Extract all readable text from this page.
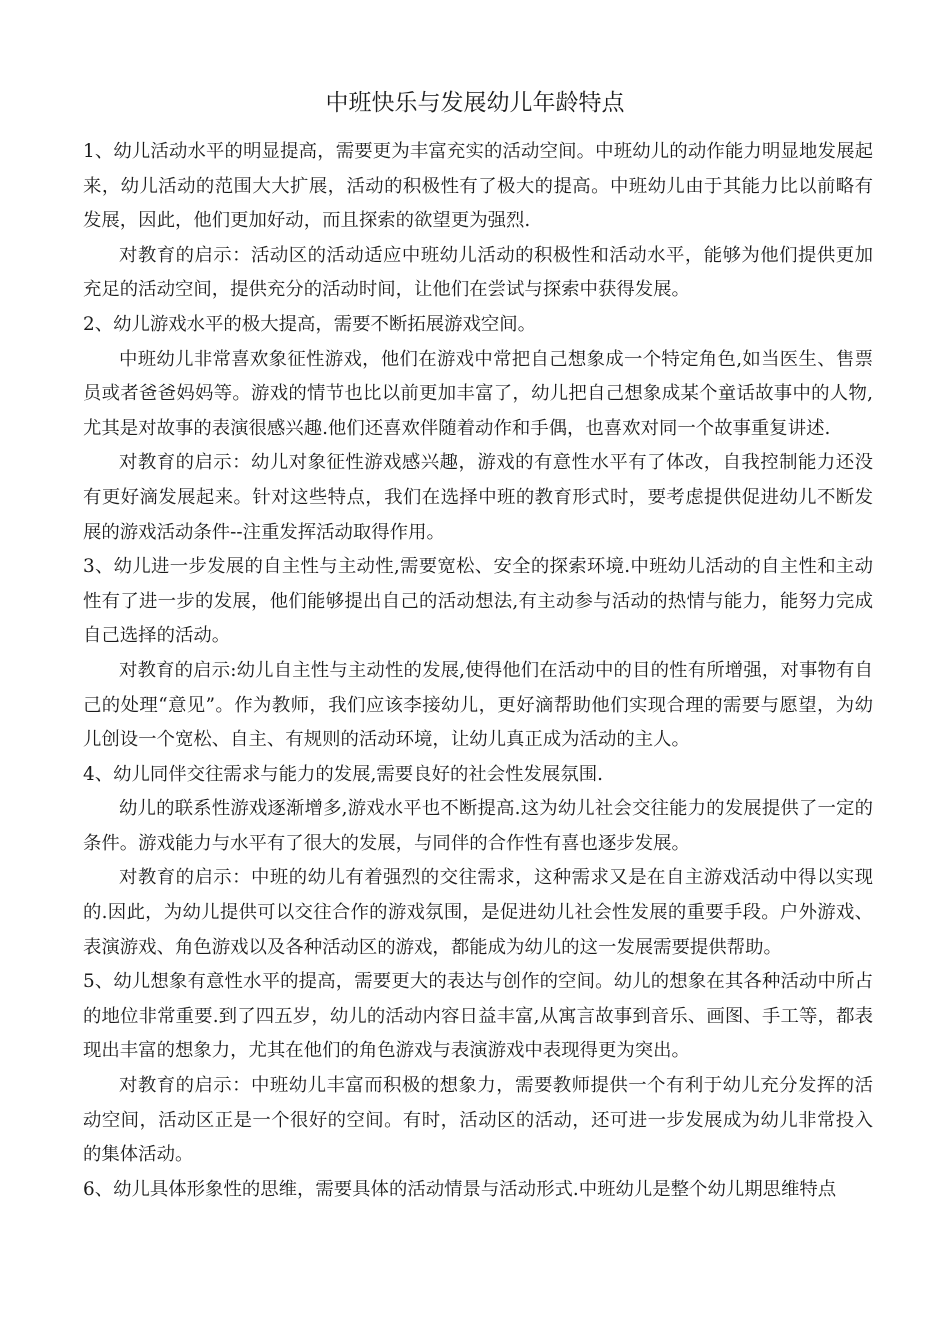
中班快乐与发展幼儿年龄特点

1、幼儿活动水平的明显提高，需要更为丰富充实的活动空间。中班幼儿的动作能力明显地发展起来，幼儿活动的范围大大扩展，活动的积极性有了极大的提高。中班幼儿由于其能力比以前略有发展，因此，他们更加好动，而且探索的欲望更为强烈.

对教育的启示：活动区的活动适应中班幼儿活动的积极性和活动水平，能够为他们提供更加充足的活动空间，提供充分的活动时间，让他们在尝试与探索中获得发展。

2、幼儿游戏水平的极大提高，需要不断拓展游戏空间。

中班幼儿非常喜欢象征性游戏，他们在游戏中常把自己想象成一个特定角色,如当医生、售票员或者爸爸妈妈等。游戏的情节也比以前更加丰富了，幼儿把自己想象成某个童话故事中的人物,尤其是对故事的表演很感兴趣.他们还喜欢伴随着动作和手偶，也喜欢对同一个故事重复讲述.

对教育的启示：幼儿对象征性游戏感兴趣，游戏的有意性水平有了体改，自我控制能力还没有更好滴发展起来。针对这些特点，我们在选择中班的教育形式时，要考虑提供促进幼儿不断发展的游戏活动条件--注重发挥活动取得作用。

3、幼儿进一步发展的自主性与主动性,需要宽松、安全的探索环境.中班幼儿活动的自主性和主动性有了进一步的发展，他们能够提出自己的活动想法,有主动参与活动的热情与能力，能努力完成自己选择的活动。

对教育的启示:幼儿自主性与主动性的发展,使得他们在活动中的目的性有所增强，对事物有自己的处理“意见”。作为教师，我们应该李接幼儿，更好滴帮助他们实现合理的需要与愿望，为幼儿创设一个宽松、自主、有规则的活动环境，让幼儿真正成为活动的主人。

4、幼儿同伴交往需求与能力的发展,需要良好的社会性发展氛围.

幼儿的联系性游戏逐渐增多,游戏水平也不断提高.这为幼儿社会交往能力的发展提供了一定的条件。游戏能力与水平有了很大的发展，与同伴的合作性有喜也逐步发展。

对教育的启示：中班的幼儿有着强烈的交往需求，这种需求又是在自主游戏活动中得以实现的.因此，为幼儿提供可以交往合作的游戏氛围，是促进幼儿社会性发展的重要手段。户外游戏、表演游戏、角色游戏以及各种活动区的游戏，都能成为幼儿的这一发展需要提供帮助。

5、幼儿想象有意性水平的提高，需要更大的表达与创作的空间。幼儿的想象在其各种活动中所占的地位非常重要.到了四五岁，幼儿的活动内容日益丰富,从寓言故事到音乐、画图、手工等，都表现出丰富的想象力，尤其在他们的角色游戏与表演游戏中表现得更为突出。

对教育的启示：中班幼儿丰富而积极的想象力，需要教师提供一个有利于幼儿充分发挥的活动空间，活动区正是一个很好的空间。有时，活动区的活动，还可进一步发展成为幼儿非常投入的集体活动。

6、幼儿具体形象性的思维，需要具体的活动情景与活动形式.中班幼儿是整个幼儿期思维特点
